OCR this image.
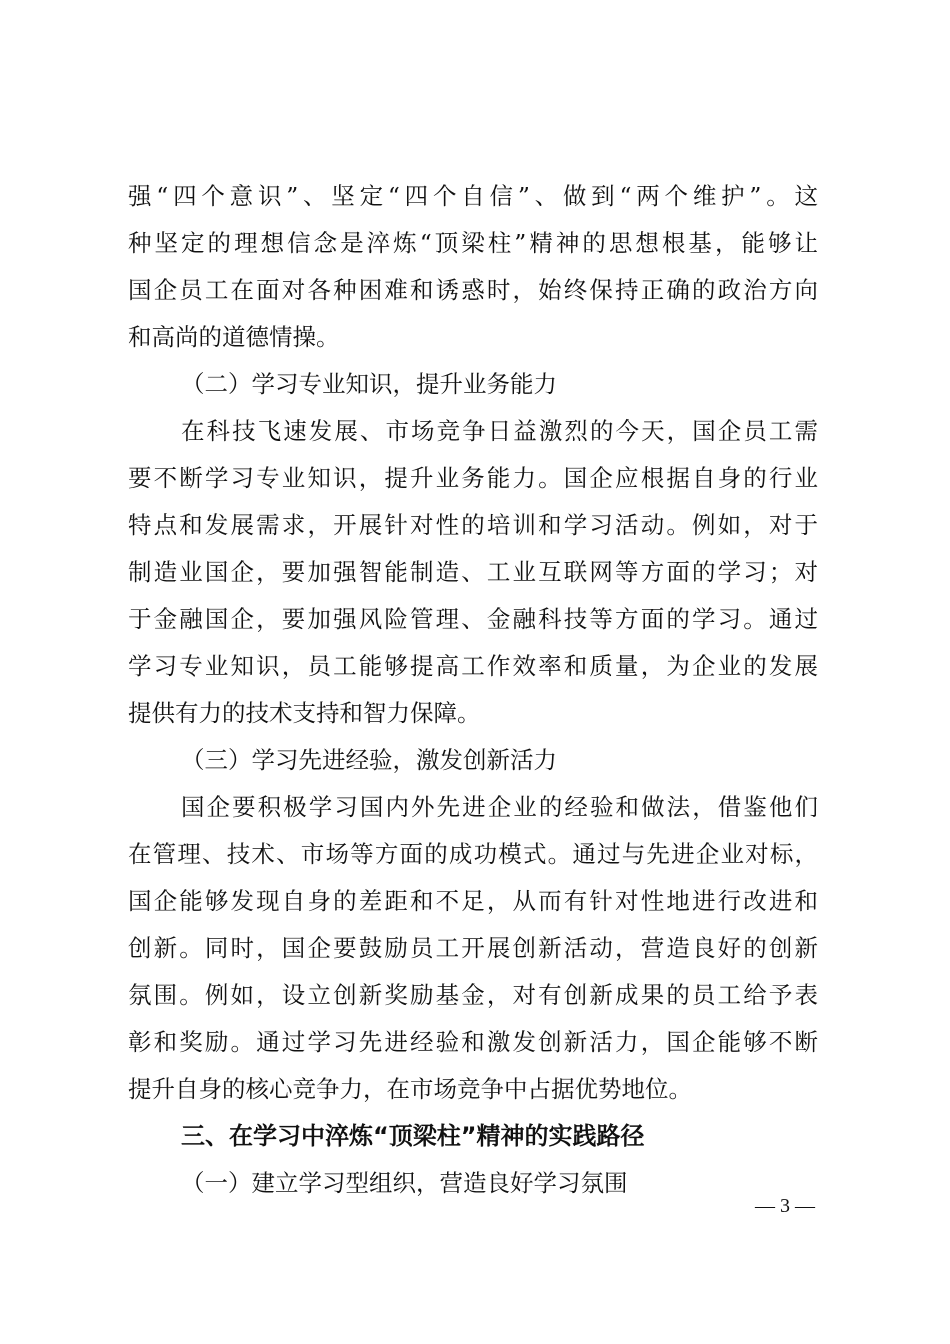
强“四个意识”、坚定“四个自信”、做到“两个维护”。这
种坚定的理想信念是淬炼“顶梁柱”精神的思想根基，能够让
国企员工在面对各种困难和诱惑时，始终保持正确的政治方向
和高尚的道德情操。
（二）学习专业知识，提升业务能力
在科技飞速发展、市场竞争日益激烈的今天，国企员工需
要不断学习专业知识，提升业务能力。国企应根据自身的行业
特点和发展需求，开展针对性的培训和学习活动。例如，对于
制造业国企，要加强智能制造、工业互联网等方面的学习；对
于金融国企，要加强风险管理、金融科技等方面的学习。通过
学习专业知识，员工能够提高工作效率和质量，为企业的发展
提供有力的技术支持和智力保障。
（三）学习先进经验，激发创新活力
国企要积极学习国内外先进企业的经验和做法，借鉴他们
在管理、技术、市场等方面的成功模式。通过与先进企业对标，
国企能够发现自身的差距和不足，从而有针对性地进行改进和
创新。同时，国企要鼓励员工开展创新活动，营造良好的创新
氛围。例如，设立创新奖励基金，对有创新成果的员工给予表
彰和奖励。通过学习先进经验和激发创新活力，国企能够不断
提升自身的核心竞争力，在市场竞争中占据优势地位。
三、在学习中淬炼“顶梁柱”精神的实践路径
（一）建立学习型组织，营造良好学习氛围
— 3 —
